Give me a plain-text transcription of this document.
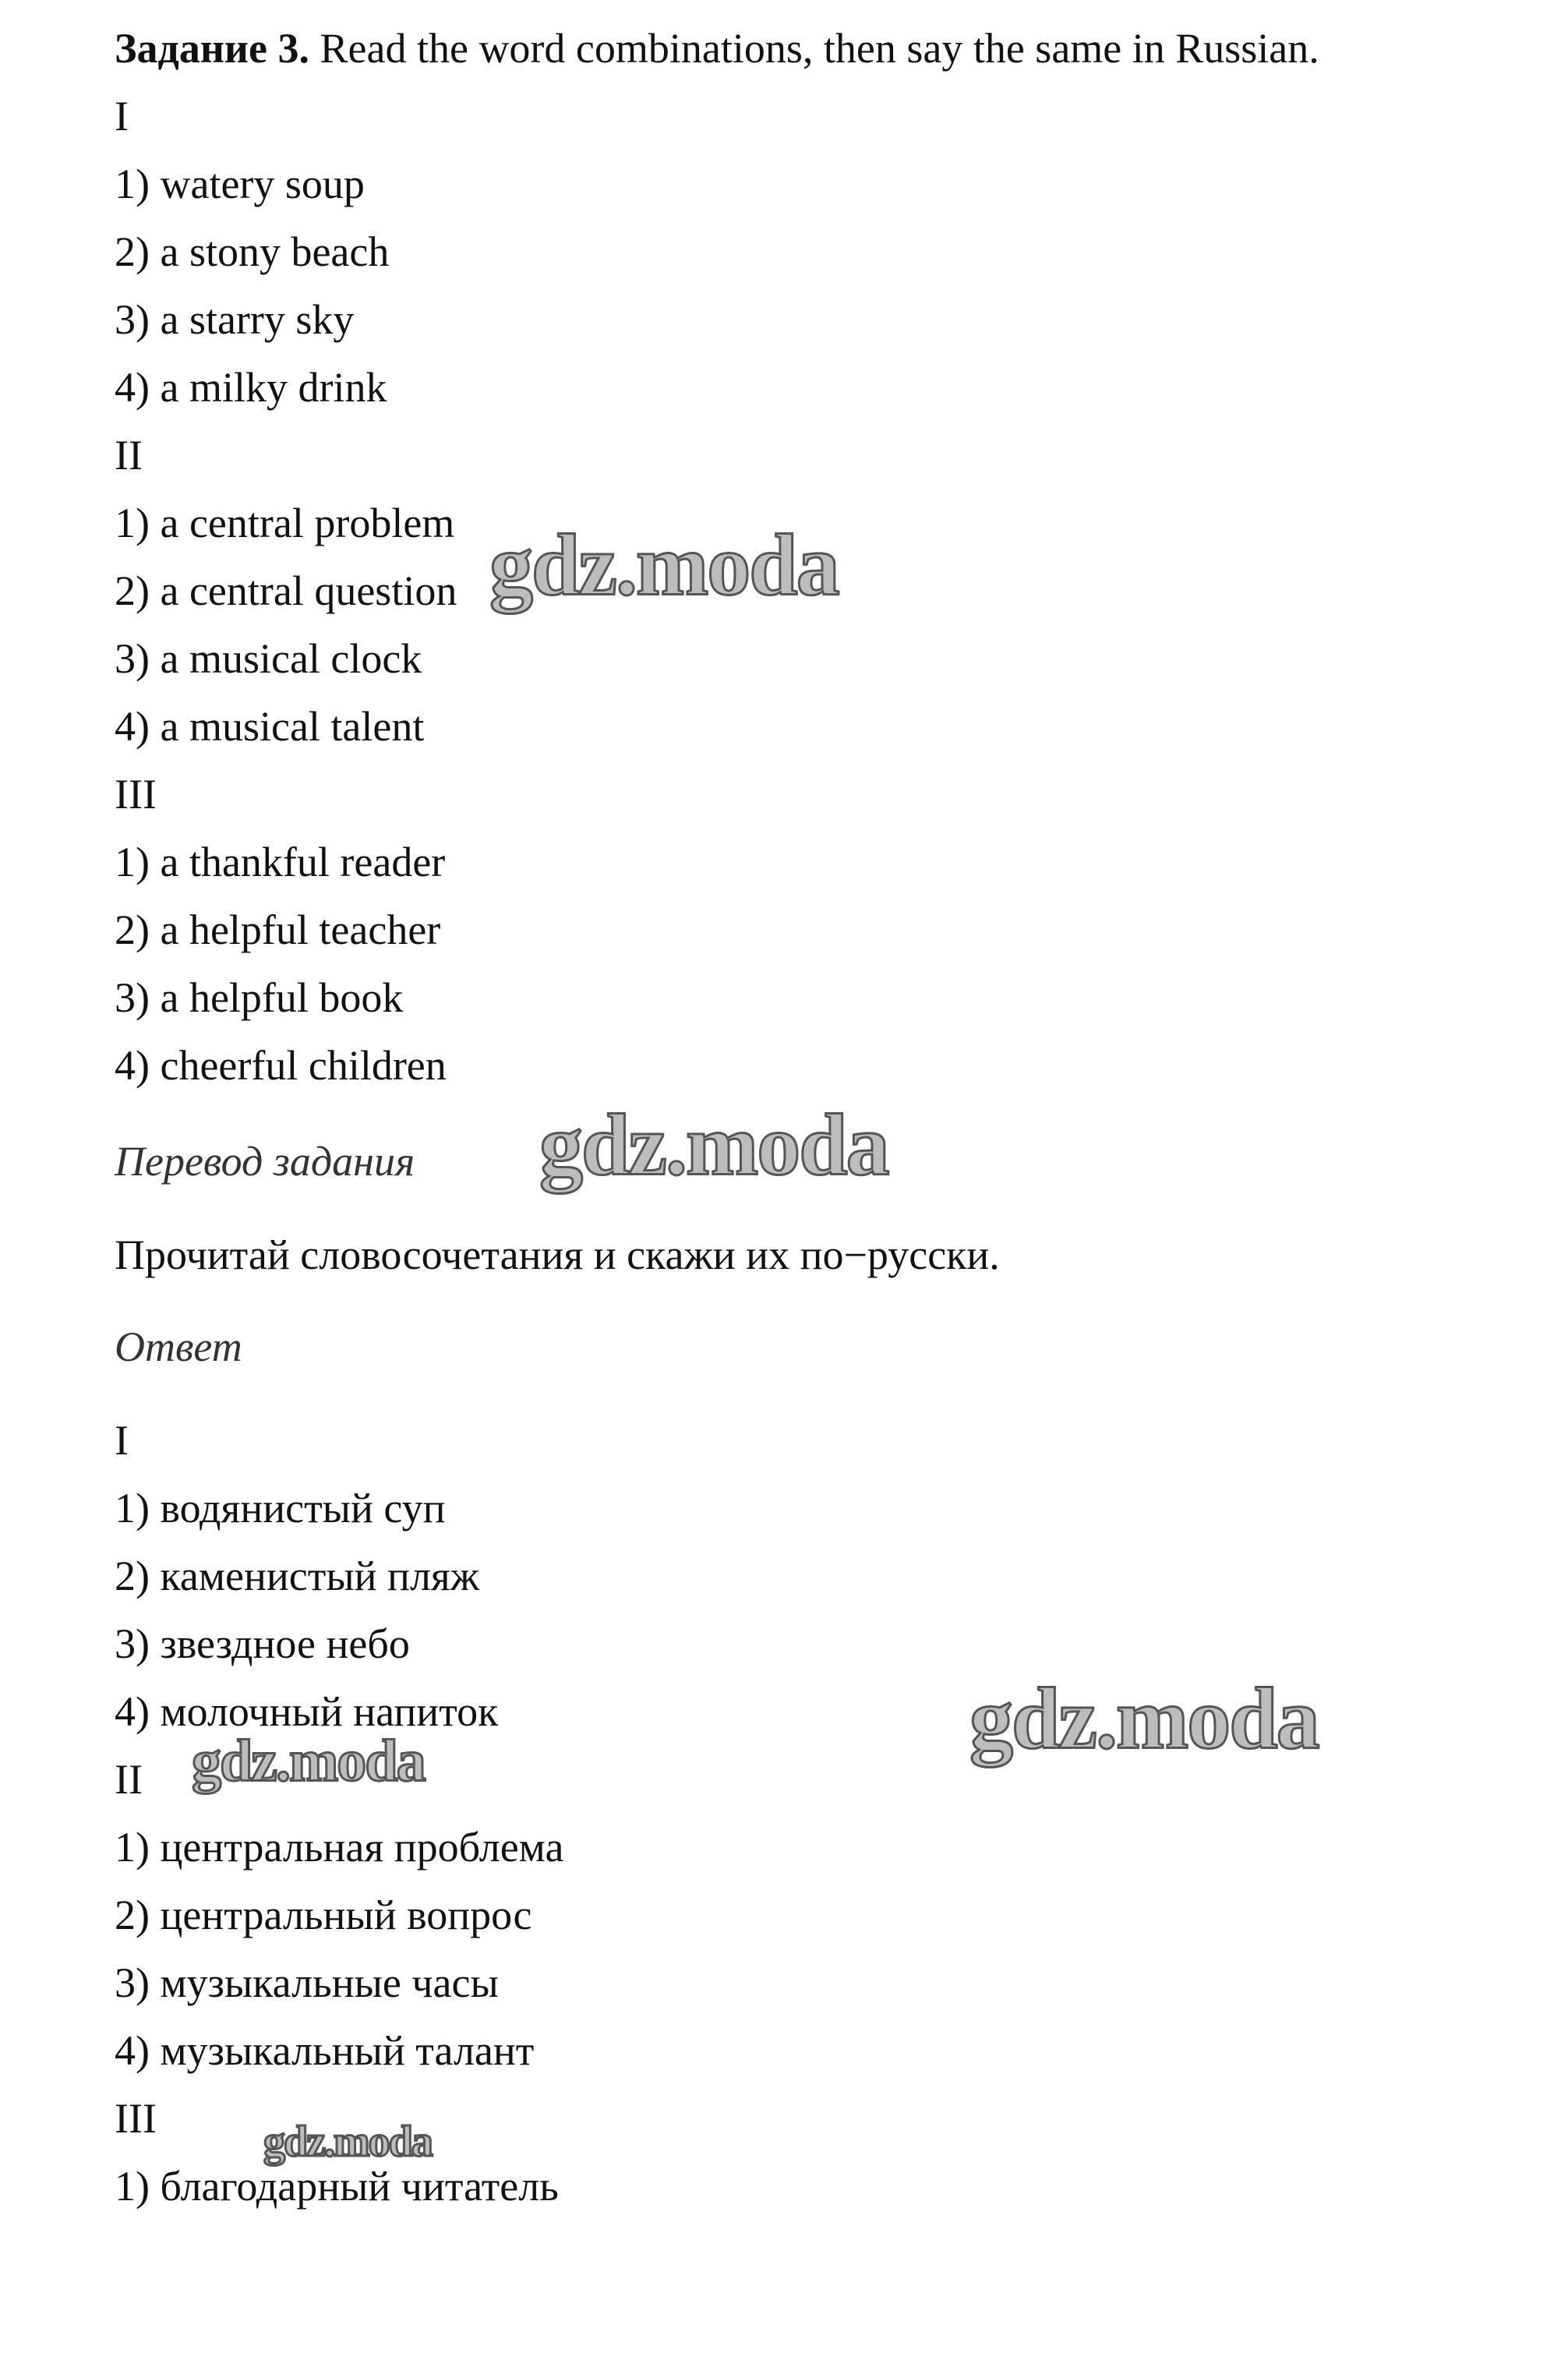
Задание 3. Read the word combinations, then say the same in Russian.
I
1) watery soup
2) a stony beach
3) a starry sky
4) a milky drink
II
1) a central problem
2) a central question
3) a musical clock
4) a musical talent
III
1) a thankful reader
2) a helpful teacher
3) a helpful book
4) cheerful children
Перевод задания
Прочитай словосочетания и скажи их по−русски.
Ответ
I
1) водянистый суп
2) каменистый пляж
3) звездное небо
4) молочный напиток
II
1) центральная проблема
2) центральный вопрос
3) музыкальные часы
4) музыкальный талант
III
1) благодарный читатель
gdz.moda
gdz.moda
gdz.moda
gdz.moda
gdz.moda
